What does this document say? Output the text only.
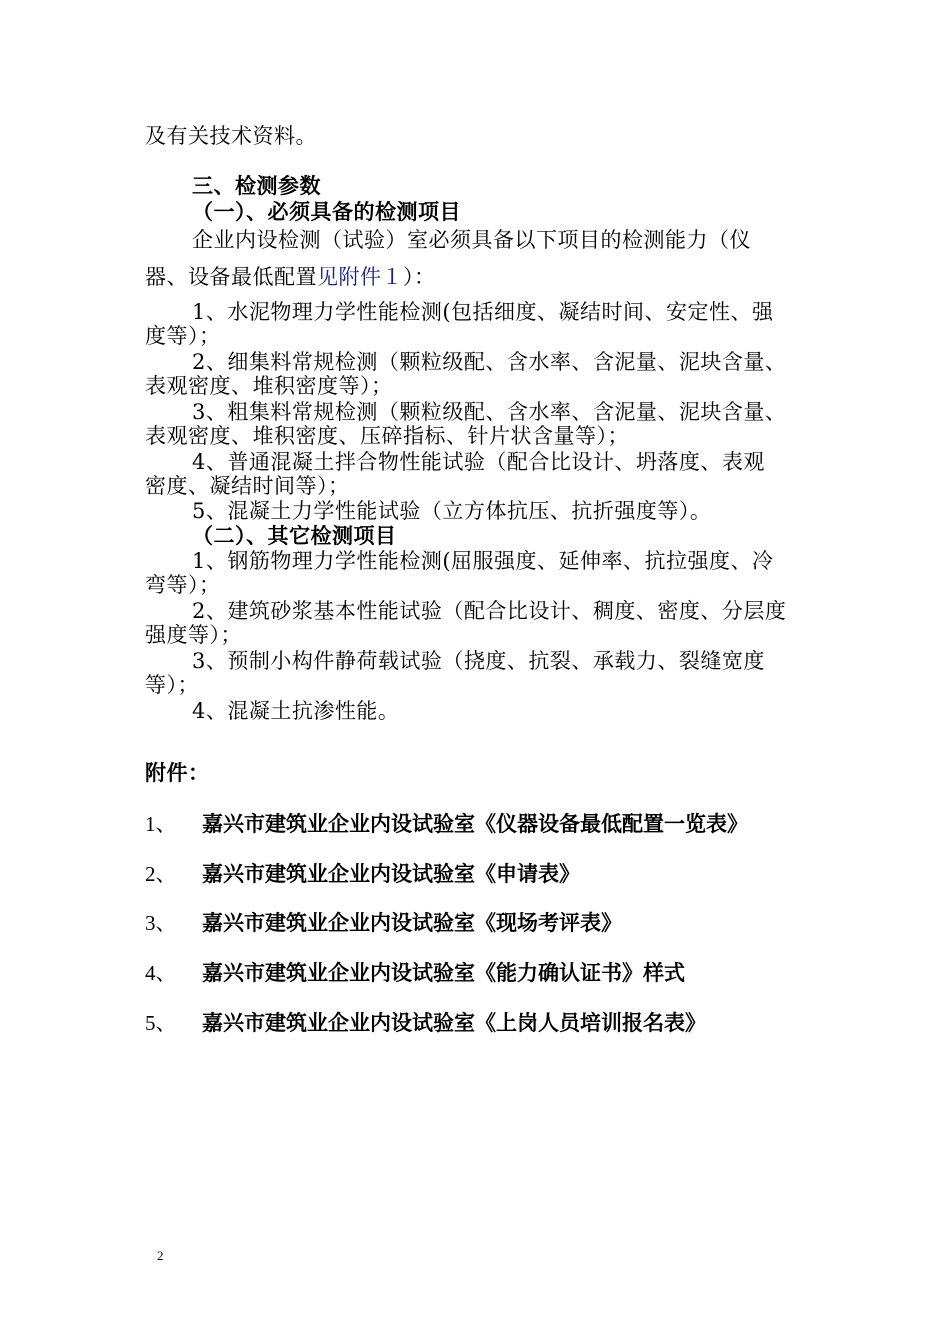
及有关技术资料。
三、检测参数
（一）、必须具备的检测项目
企业内设检测（试验）室必须具备以下项目的检测能力（仪
器、设备最低配置见附件１）：
1、水泥物理力学性能检测(包括细度、凝结时间、安定性、强
度等）；
2、细集料常规检测（颗粒级配、含水率、含泥量、泥块含量、
表观密度、堆积密度等）；
3、粗集料常规检测（颗粒级配、含水率、含泥量、泥块含量、
表观密度、堆积密度、压碎指标、针片状含量等）；
4、普通混凝土拌合物性能试验（配合比设计、坍落度、表观
密度、凝结时间等）；
5、混凝土力学性能试验（立方体抗压、抗折强度等）。
（二）、其它检测项目
1、钢筋物理力学性能检测(屈服强度、延伸率、抗拉强度、冷
弯等）；
2、建筑砂浆基本性能试验（配合比设计、稠度、密度、分层度
强度等）；
3、预制小构件静荷载试验（挠度、抗裂、承载力、裂缝宽度
等）；
4、混凝土抗渗性能。
附件：
1、 嘉兴市建筑业企业内设试验室《仪器设备最低配置一览表》
2、 嘉兴市建筑业企业内设试验室《申请表》
3、 嘉兴市建筑业企业内设试验室《现场考评表》
4、 嘉兴市建筑业企业内设试验室《能力确认证书》样式
5、 嘉兴市建筑业企业内设试验室《上岗人员培训报名表》
2
